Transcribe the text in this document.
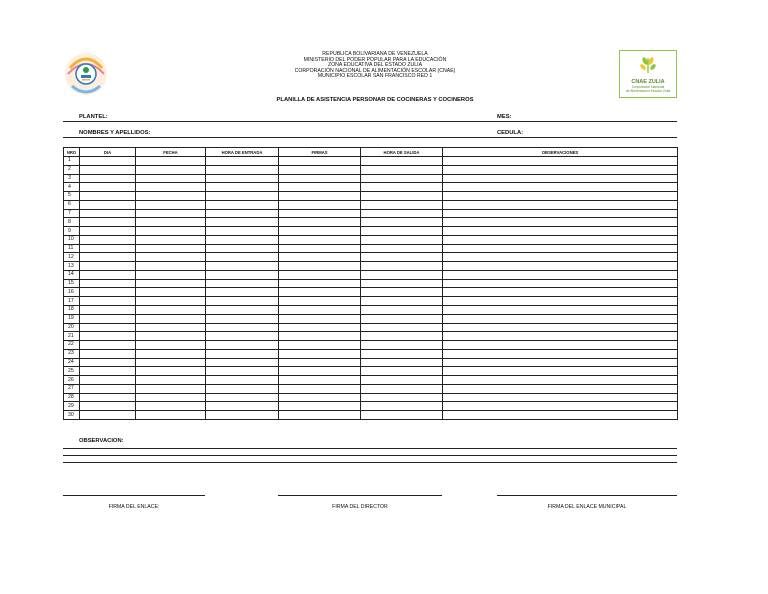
REPUBLICA BOLIVARIANA DE VENEZUELA
MINISTERIO DEL PODER POPULAR PARA LA EDUCACIÓN
ZONA EDUCATIVA DEL ESTADO ZULIA
CORPORACIÓN NACIONAL DE ALIMENTACIÓN ESCOLAR (CNAE)
MUNICIPIO ESCOLAR SAN FRANCISCO RED 1
PLANILLA DE ASISTENCIA PERSONAR DE COCINERAS Y COCINEROS
CNAE ZULIA
Corporación Nacional
de Alimentación Escolar Zulia
PLANTEL:	MES:
NOMBRES Y APELLIDOS:	CEDULA:
NRO	DIA	FECHA	HORA DE ENTRADA	FIRMAS	HORA DE SALIDA	OBSERVACIONES
1						
2						
3						
4						
5						
6						
7						
8						
9						
10						
11						
12						
13						
14						
15						
16						
17						
18						
19						
20						
21						
22						
23						
24						
25						
26						
27						
28						
29						
30						
OBSERVACION:
FIRMA DEL ENLACE:	FIRMA DEL DIRECTOR	FIRMA DEL ENLACE MUNICIPAL
